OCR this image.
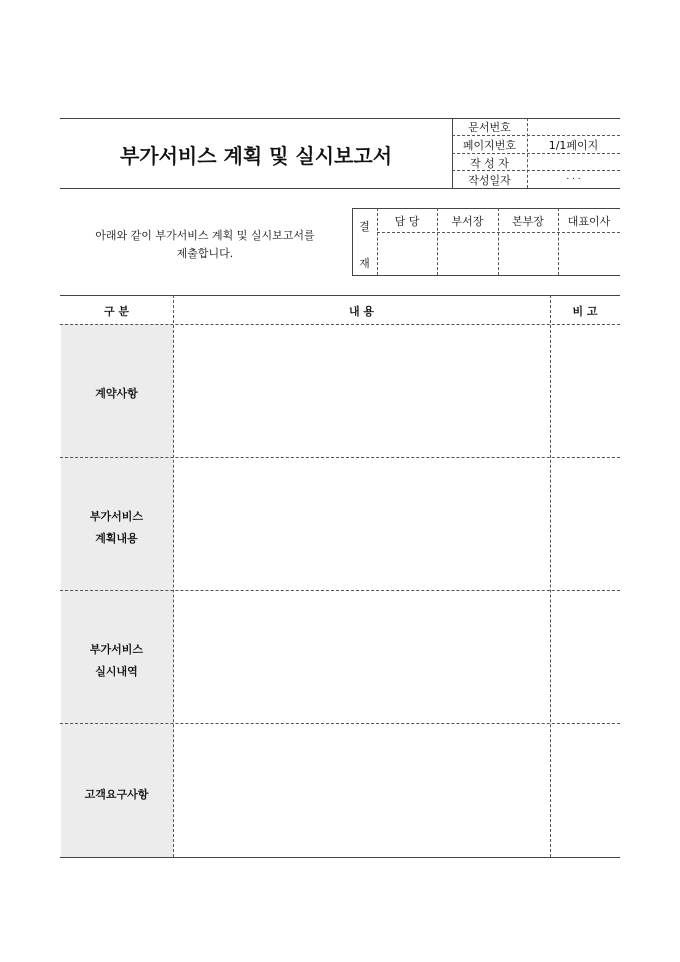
부가서비스 계획 및 실시보고서
문서번호
페이지번호	1/1페이지
작 성 자
작성일자	. . .
아래와 같이 부가서비스 계획 및 실시보고서를
제출합니다.
결
재
담 당	부서장	본부장	대표이사
구 분	내 용	비 고
계약사항
부가서비스
계획내용
부가서비스
실시내역
고객요구사항
